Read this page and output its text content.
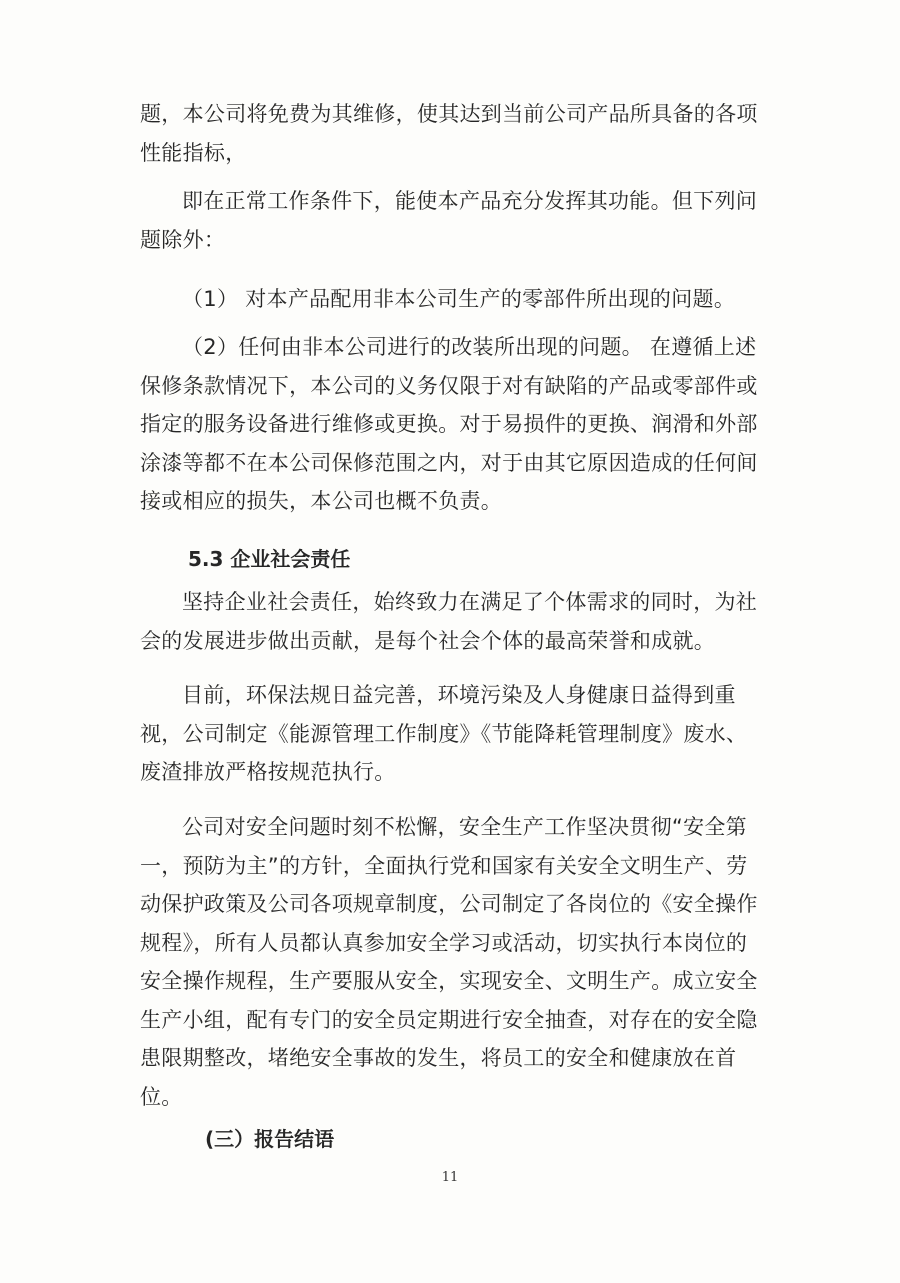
题，本公司将免费为其维修，使其达到当前公司产品所具备的各项
性能指标，

即在正常工作条件下，能使本产品充分发挥其功能。但下列问
题除外：

（1） 对本产品配用非本公司生产的零部件所出现的问题。

（2）任何由非本公司进行的改装所出现的问题。 在遵循上述
保修条款情况下，本公司的义务仅限于对有缺陷的产品或零部件或
指定的服务设备进行维修或更换。对于易损件的更换、润滑和外部
涂漆等都不在本公司保修范围之内，对于由其它原因造成的任何间
接或相应的损失，本公司也概不负责。

5.3 企业社会责任

坚持企业社会责任，始终致力在满足了个体需求的同时，为社
会的发展进步做出贡献，是每个社会个体的最高荣誉和成就。

目前，环保法规日益完善，环境污染及人身健康日益得到重
视，公司制定《能源管理工作制度》《节能降耗管理制度》废水、
废渣排放严格按规范执行。

公司对安全问题时刻不松懈，安全生产工作坚决贯彻“安全第
一，预防为主”的方针，全面执行党和国家有关安全文明生产、劳
动保护政策及公司各项规章制度，公司制定了各岗位的《安全操作
规程》，所有人员都认真参加安全学习或活动，切实执行本岗位的
安全操作规程，生产要服从安全，实现安全、文明生产。成立安全
生产小组，配有专门的安全员定期进行安全抽查，对存在的安全隐
患限期整改，堵绝安全事故的发生，将员工的安全和健康放在首
位。

(三）报告结语
11
